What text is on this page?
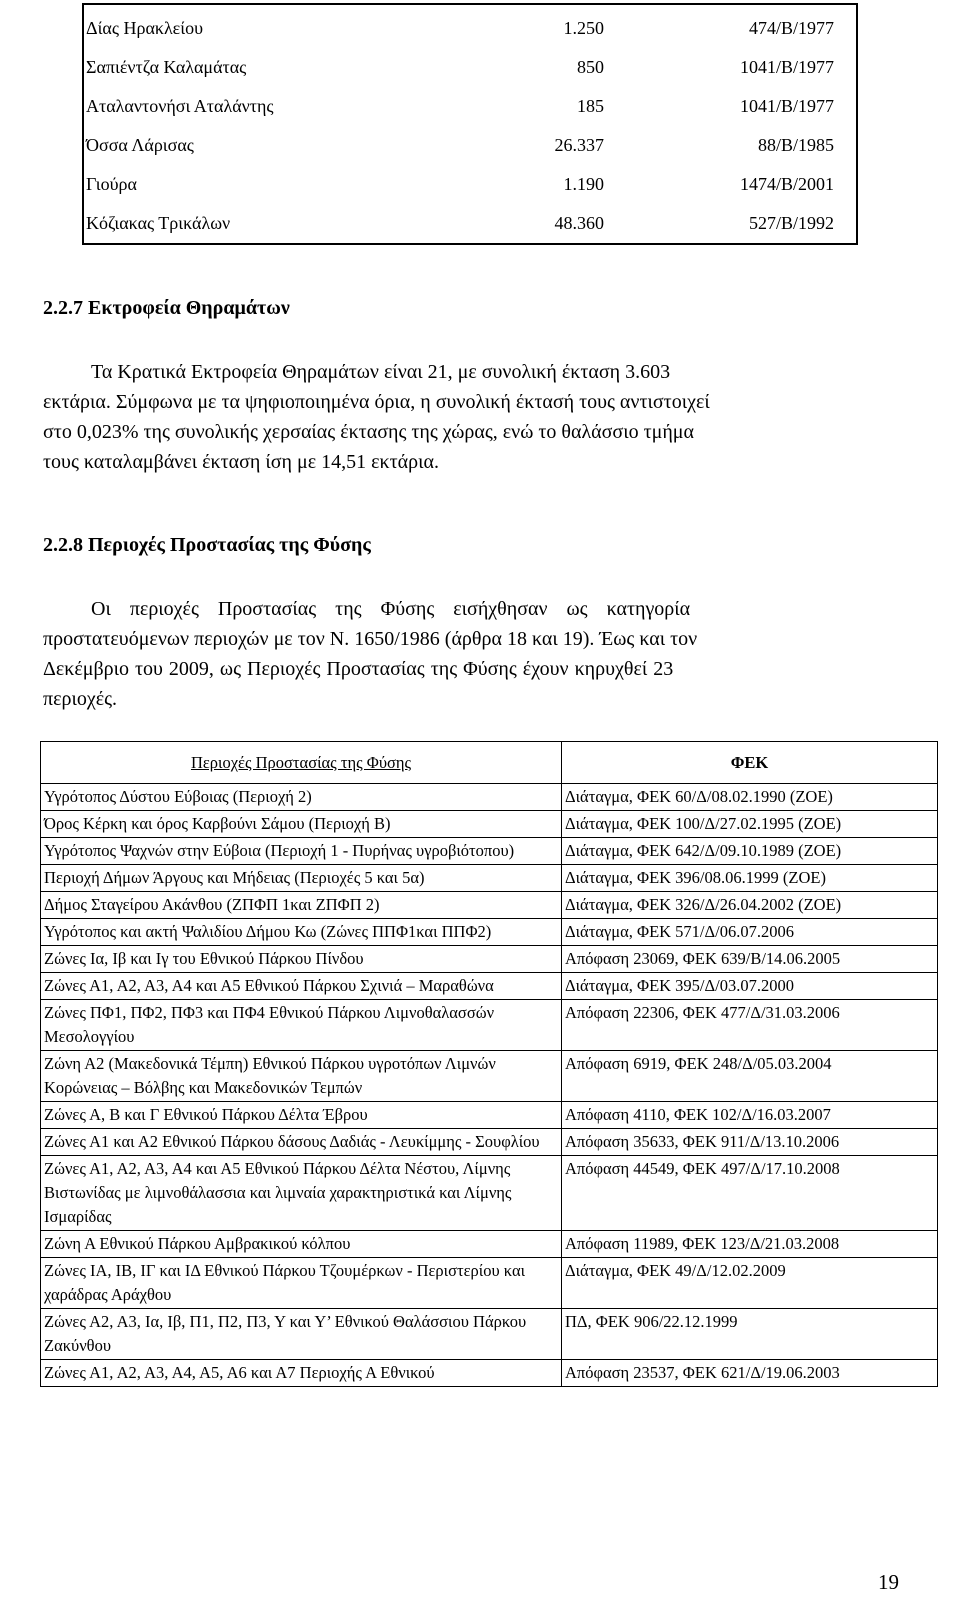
Δίας Ηρακλείου	1.250	474/Β/1977
Σαπιέντζα Καλαμάτας	850	1041/Β/1977
Αταλαντονήσι Αταλάντης	185	1041/Β/1977
Όσσα Λάρισας	26.337	88/Β/1985
Γιούρα	1.190	1474/Β/2001
Κόζιακας Τρικάλων	48.360	527/Β/1992
2.2.7 Εκτροφεία Θηραμάτων
Τα Κρατικά Εκτροφεία Θηραμάτων είναι 21, με συνολική έκταση 3.603
εκτάρια. Σύμφωνα με τα ψηφιοποιημένα όρια, η συνολική έκτασή τους αντιστοιχεί
στο 0,023% της συνολικής χερσαίας έκτασης της χώρας, ενώ το θαλάσσιο τμήμα
τους καταλαμβάνει έκταση ίση με 14,51 εκτάρια.
2.2.8 Περιοχές Προστασίας της Φύσης
Οι περιοχές Προστασίας της Φύσης εισήχθησαν ως κατηγορία
προστατευόμενων περιοχών με τον Ν. 1650/1986 (άρθρα 18 και 19). Έως και τον
Δεκέμβριο του 2009, ως Περιοχές Προστασίας της Φύσης έχουν κηρυχθεί 23
περιοχές.
Περιοχές Προστασίας της Φύσης	ΦΕΚ
Υγρότοπος Δύστου Εύβοιας (Περιοχή 2)	Διάταγμα, ΦΕΚ 60/Δ/08.02.1990 (ΖΟΕ)
Όρος Κέρκη και όρος Καρβούνι Σάμου (Περιοχή Β)	Διάταγμα, ΦΕΚ 100/Δ/27.02.1995 (ΖΟΕ)
Υγρότοπος Ψαχνών στην Εύβοια (Περιοχή 1 - Πυρήνας υγροβιότοπου)	Διάταγμα, ΦΕΚ 642/Δ/09.10.1989 (ΖΟΕ)
Περιοχή Δήμων Άργους και Μήδειας (Περιοχές 5 και 5α)	Διάταγμα, ΦΕΚ 396/08.06.1999 (ΖΟΕ)
Δήμος Σταγείρου Ακάνθου (ΖΠΦΠ 1και ΖΠΦΠ 2)	Διάταγμα, ΦΕΚ 326/Δ/26.04.2002 (ΖΟΕ)
Υγρότοπος και ακτή Ψαλιδίου Δήμου Κω (Ζώνες ΠΠΦ1και ΠΠΦ2)	Διάταγμα, ΦΕΚ 571/Δ/06.07.2006
Ζώνες Ια, Ιβ και Ιγ του Εθνικού Πάρκου Πίνδου	Απόφαση 23069, ΦΕΚ 639/Β/14.06.2005
Ζώνες Α1, Α2, Α3, Α4 και Α5 Εθνικού Πάρκου Σχινιά – Μαραθώνα	Διάταγμα, ΦΕΚ 395/Δ/03.07.2000
Ζώνες ΠΦ1, ΠΦ2, ΠΦ3 και ΠΦ4 Εθνικού Πάρκου Λιμνοθαλασσών Μεσολογγίου	Απόφαση 22306, ΦΕΚ 477/Δ/31.03.2006
Ζώνη Α2 (Μακεδονικά Τέμπη) Εθνικού Πάρκου υγροτόπων Λιμνών Κορώνειας – Βόλβης και Μακεδονικών Τεμπών	Απόφαση 6919, ΦΕΚ 248/Δ/05.03.2004
Ζώνες Α, Β και Γ Εθνικού Πάρκου Δέλτα Έβρου	Απόφαση 4110, ΦΕΚ 102/Δ/16.03.2007
Ζώνες Α1 και Α2 Εθνικού Πάρκου δάσους Δαδιάς - Λευκίμμης - Σουφλίου	Απόφαση 35633, ΦΕΚ 911/Δ/13.10.2006
Ζώνες Α1, Α2, Α3, Α4 και Α5 Εθνικού Πάρκου Δέλτα Νέστου, Λίμνης Βιστωνίδας με λιμνοθάλασσια και λιμναία χαρακτηριστικά και Λίμνης Ισμαρίδας	Απόφαση 44549, ΦΕΚ 497/Δ/17.10.2008
Ζώνη Α Εθνικού Πάρκου Αμβρακικού κόλπου	Απόφαση 11989, ΦΕΚ 123/Δ/21.03.2008
Ζώνες ΙΑ, ΙΒ, ΙΓ και ΙΔ Εθνικού Πάρκου Τζουμέρκων - Περιστερίου και χαράδρας Αράχθου	Διάταγμα, ΦΕΚ 49/Δ/12.02.2009
Ζώνες Α2, Α3, Ια, Ιβ, Π1, Π2, Π3, Υ και Υ’ Εθνικού Θαλάσσιου Πάρκου Ζακύνθου	ΠΔ, ΦΕΚ 906/22.12.1999
Ζώνες Α1, Α2, Α3, Α4, Α5, Α6 και Α7 Περιοχής Α Εθνικού	Απόφαση 23537, ΦΕΚ 621/Δ/19.06.2003
19
